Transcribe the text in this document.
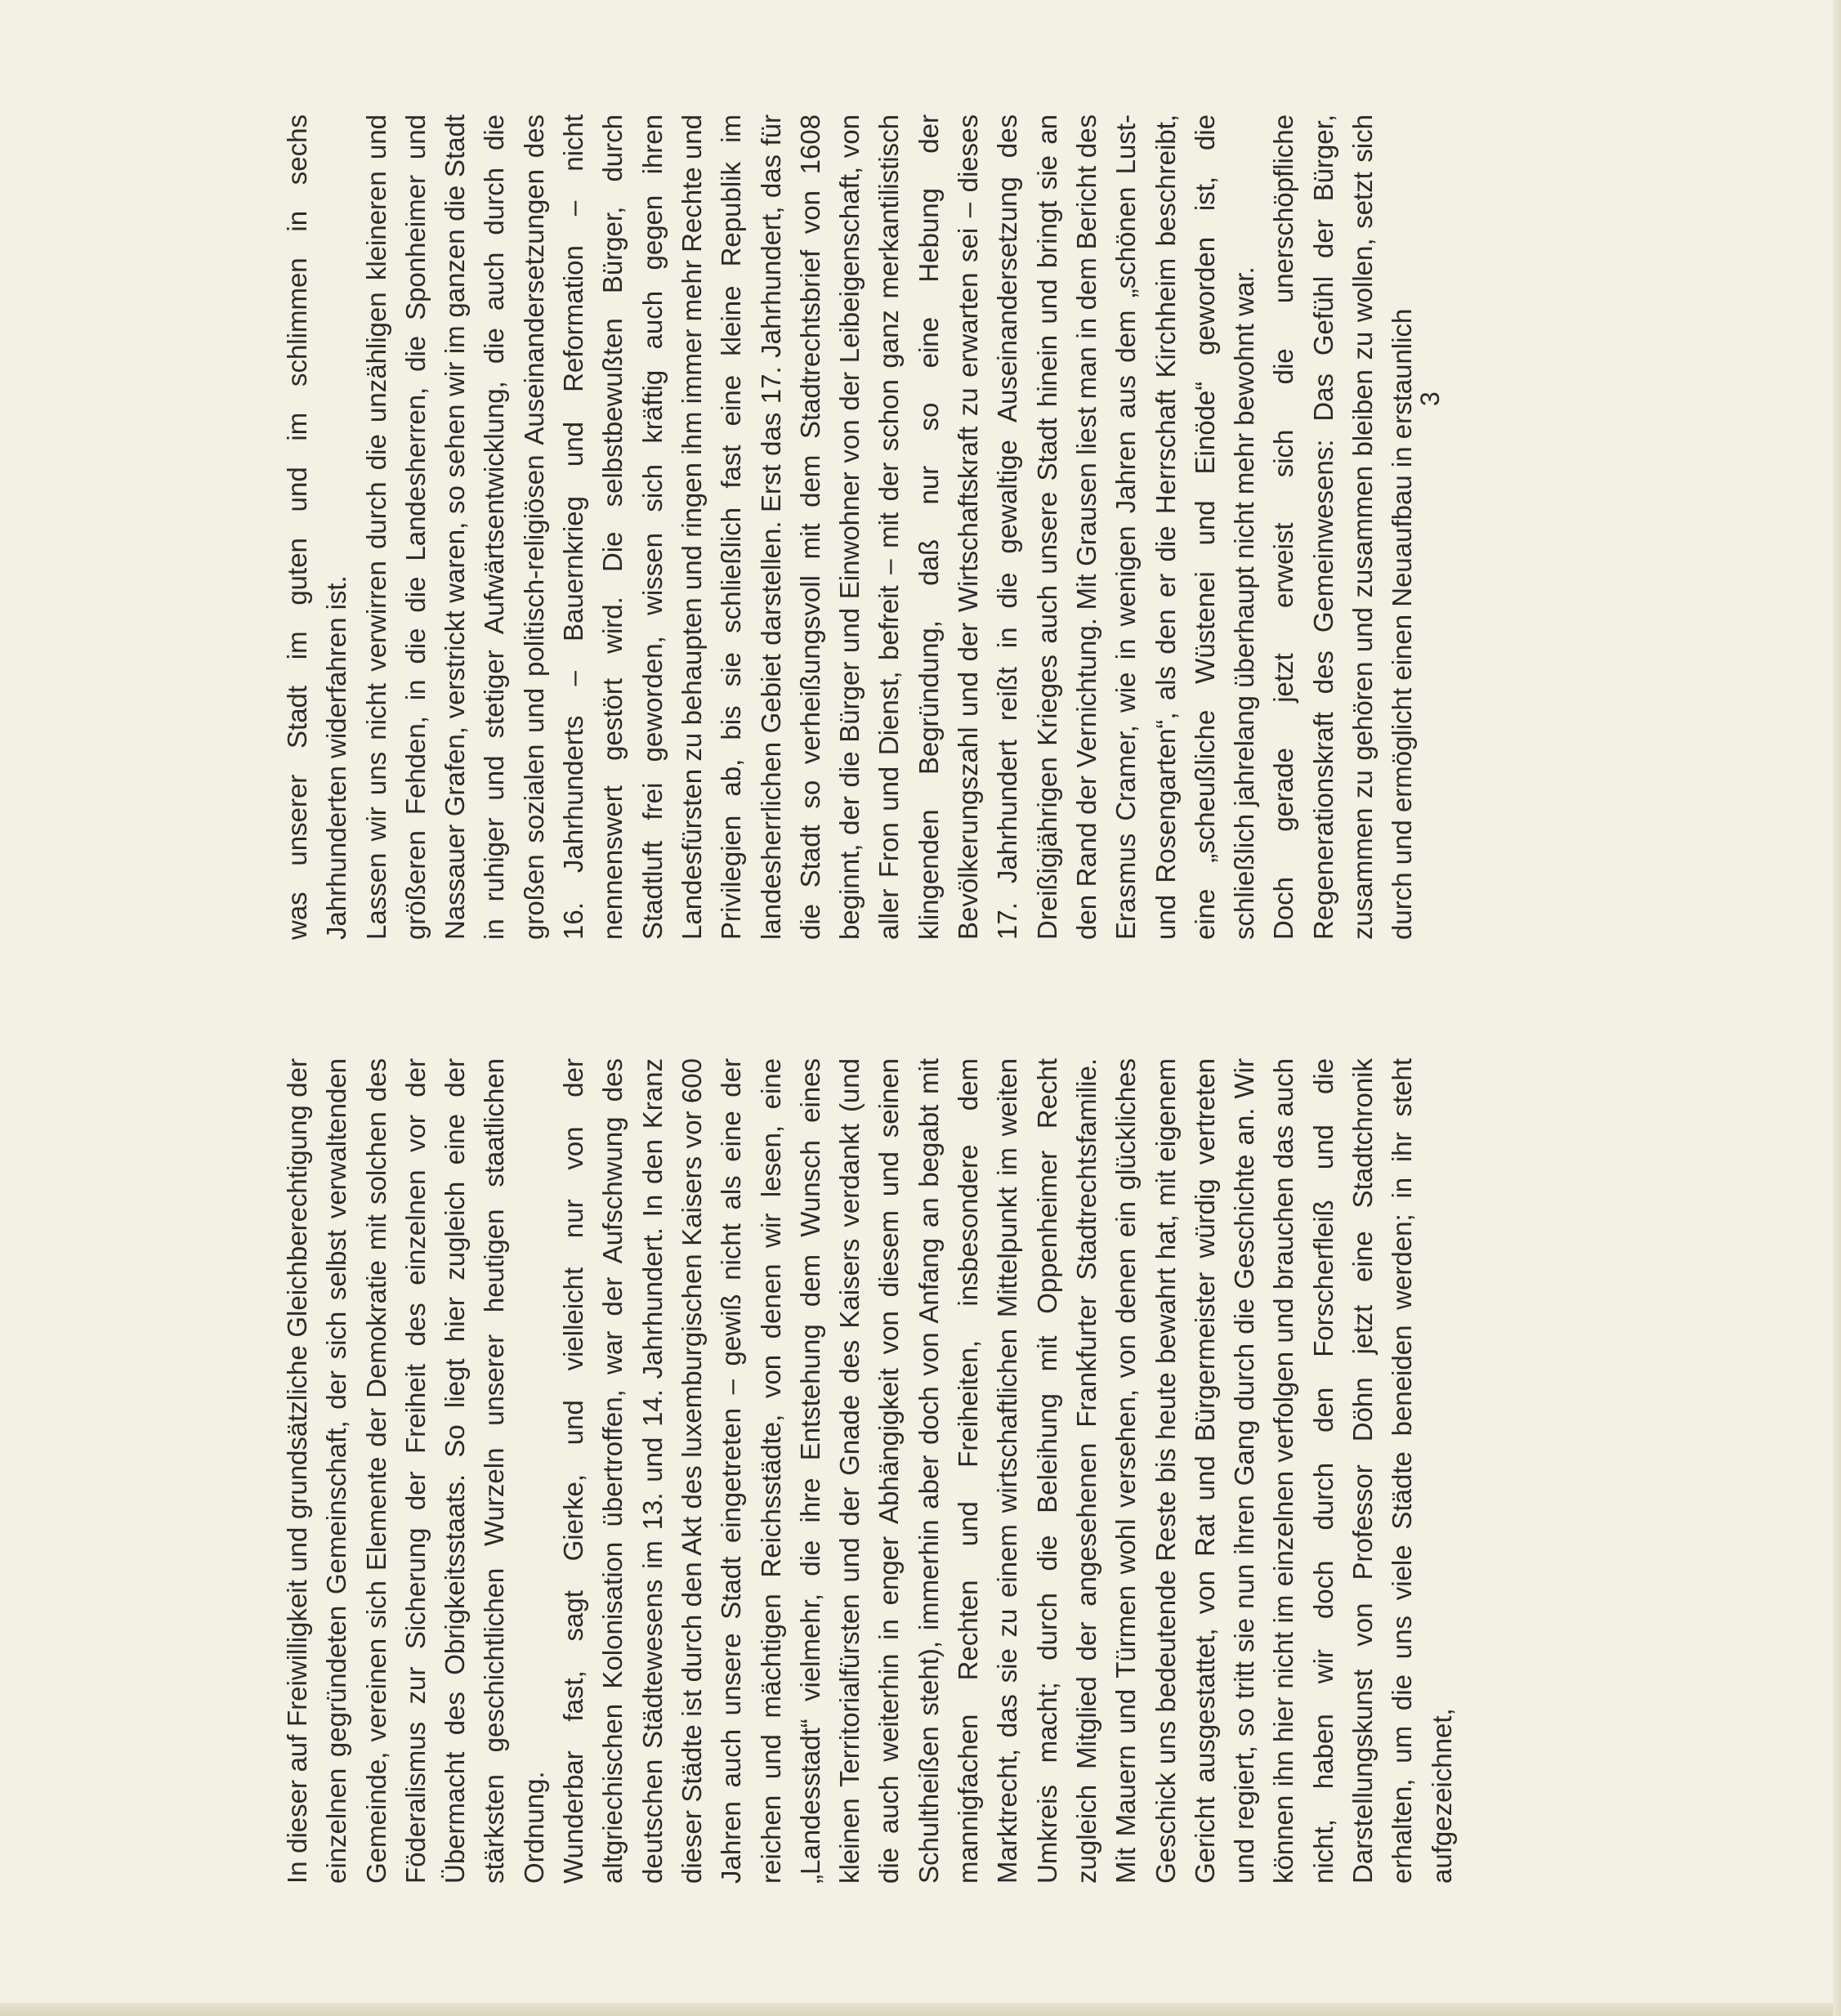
In dieser auf Freiwilligkeit und grundsätzliche Gleichberechtigung der einzelnen gegründeten Gemeinschaft, der sich selbst verwaltenden Gemeinde, vereinen sich Elemente der Demokratie mit solchen des Föderalismus zur Sicherung der Freiheit des einzelnen vor der Übermacht des Obrigkeitsstaats. So liegt hier zugleich eine der stärksten geschichtlichen Wurzeln unserer heutigen staatlichen Ordnung. Wunderbar fast, sagt Gierke, und vielleicht nur von der altgriechischen Kolonisation übertroffen, war der Aufschwung des deutschen Städtewesens im 13. und 14. Jahrhundert. In den Kranz dieser Städte ist durch den Akt des luxemburgischen Kaisers vor 600 Jahren auch unsere Stadt eingetreten – gewiß nicht als eine der reichen und mächtigen Reichsstädte, von denen wir lesen, eine „Landesstadt“ vielmehr, die ihre Entstehung dem Wunsch eines kleinen Territorialfürsten und der Gnade des Kaisers verdankt (und die auch weiterhin in enger Abhängigkeit von diesem und seinen Schultheißen steht), immerhin aber doch von Anfang an begabt mit mannigfachen Rechten und Freiheiten, insbesondere dem Marktrecht, das sie zu einem wirtschaftlichen Mittelpunkt im weiten Umkreis macht; durch die Beleihung mit Oppenheimer Recht zugleich Mitglied der angesehenen Frankfurter Stadtrechtsfamilie. Mit Mauern und Türmen wohl versehen, von denen ein glückliches Geschick uns bedeutende Reste bis heute bewahrt hat, mit eigenem Gericht ausgestattet, von Rat und Bürgermeister würdig vertreten und regiert, so tritt sie nun ihren Gang durch die Geschichte an. Wir können ihn hier nicht im einzelnen verfolgen und brauchen das auch nicht, haben wir doch durch den Forscherfleiß und die Darstellungskunst von Professor Döhn jetzt eine Stadtchronik erhalten, um die uns viele Städte beneiden werden; in ihr steht aufgezeichnet,

was unserer Stadt im guten und im schlimmen in sechs Jahrhunderten widerfahren ist. Lassen wir uns nicht verwirren durch die unzähligen kleineren und größeren Fehden, in die die Landesherren, die Sponheimer und Nassauer Grafen, verstrickt waren, so sehen wir im ganzen die Stadt in ruhiger und stetiger Aufwärtsentwicklung, die auch durch die großen sozialen und politisch-religiösen Auseinandersetzungen des 16. Jahrhunderts – Bauernkrieg und Reformation – nicht nennenswert gestört wird. Die selbstbewußten Bürger, durch Stadtluft frei geworden, wissen sich kräftig auch gegen ihren Landesfürsten zu behaupten und ringen ihm immer mehr Rechte und Privilegien ab, bis sie schließlich fast eine kleine Republik im landesherrlichen Gebiet darstellen. Erst das 17. Jahrhundert, das für die Stadt so verheißungsvoll mit dem Stadtrechtsbrief von 1608 beginnt, der die Bürger und Einwohner von der Leibeigenschaft, von aller Fron und Dienst, befreit – mit der schon ganz merkantilistisch klingenden Begründung, daß nur so eine Hebung der Bevölkerungszahl und der Wirtschaftskraft zu erwarten sei – dieses 17. Jahrhundert reißt in die gewaltige Auseinandersetzung des Dreißigjährigen Krieges auch unsere Stadt hinein und bringt sie an den Rand der Vernichtung. Mit Grausen liest man in dem Bericht des Erasmus Cramer, wie in wenigen Jahren aus dem „schönen Lust- und Rosengarten“, als den er die Herrschaft Kirchheim beschreibt, eine „scheußliche Wüstenei und Einöde“ geworden ist, die schließlich jahrelang überhaupt nicht mehr bewohnt war. Doch gerade jetzt erweist sich die unerschöpfliche Regenerationskraft des Gemeinwesens: Das Gefühl der Bürger, zusammen zu gehören und zusammen bleiben zu wollen, setzt sich durch und ermöglicht einen Neuaufbau in erstaunlich

3
